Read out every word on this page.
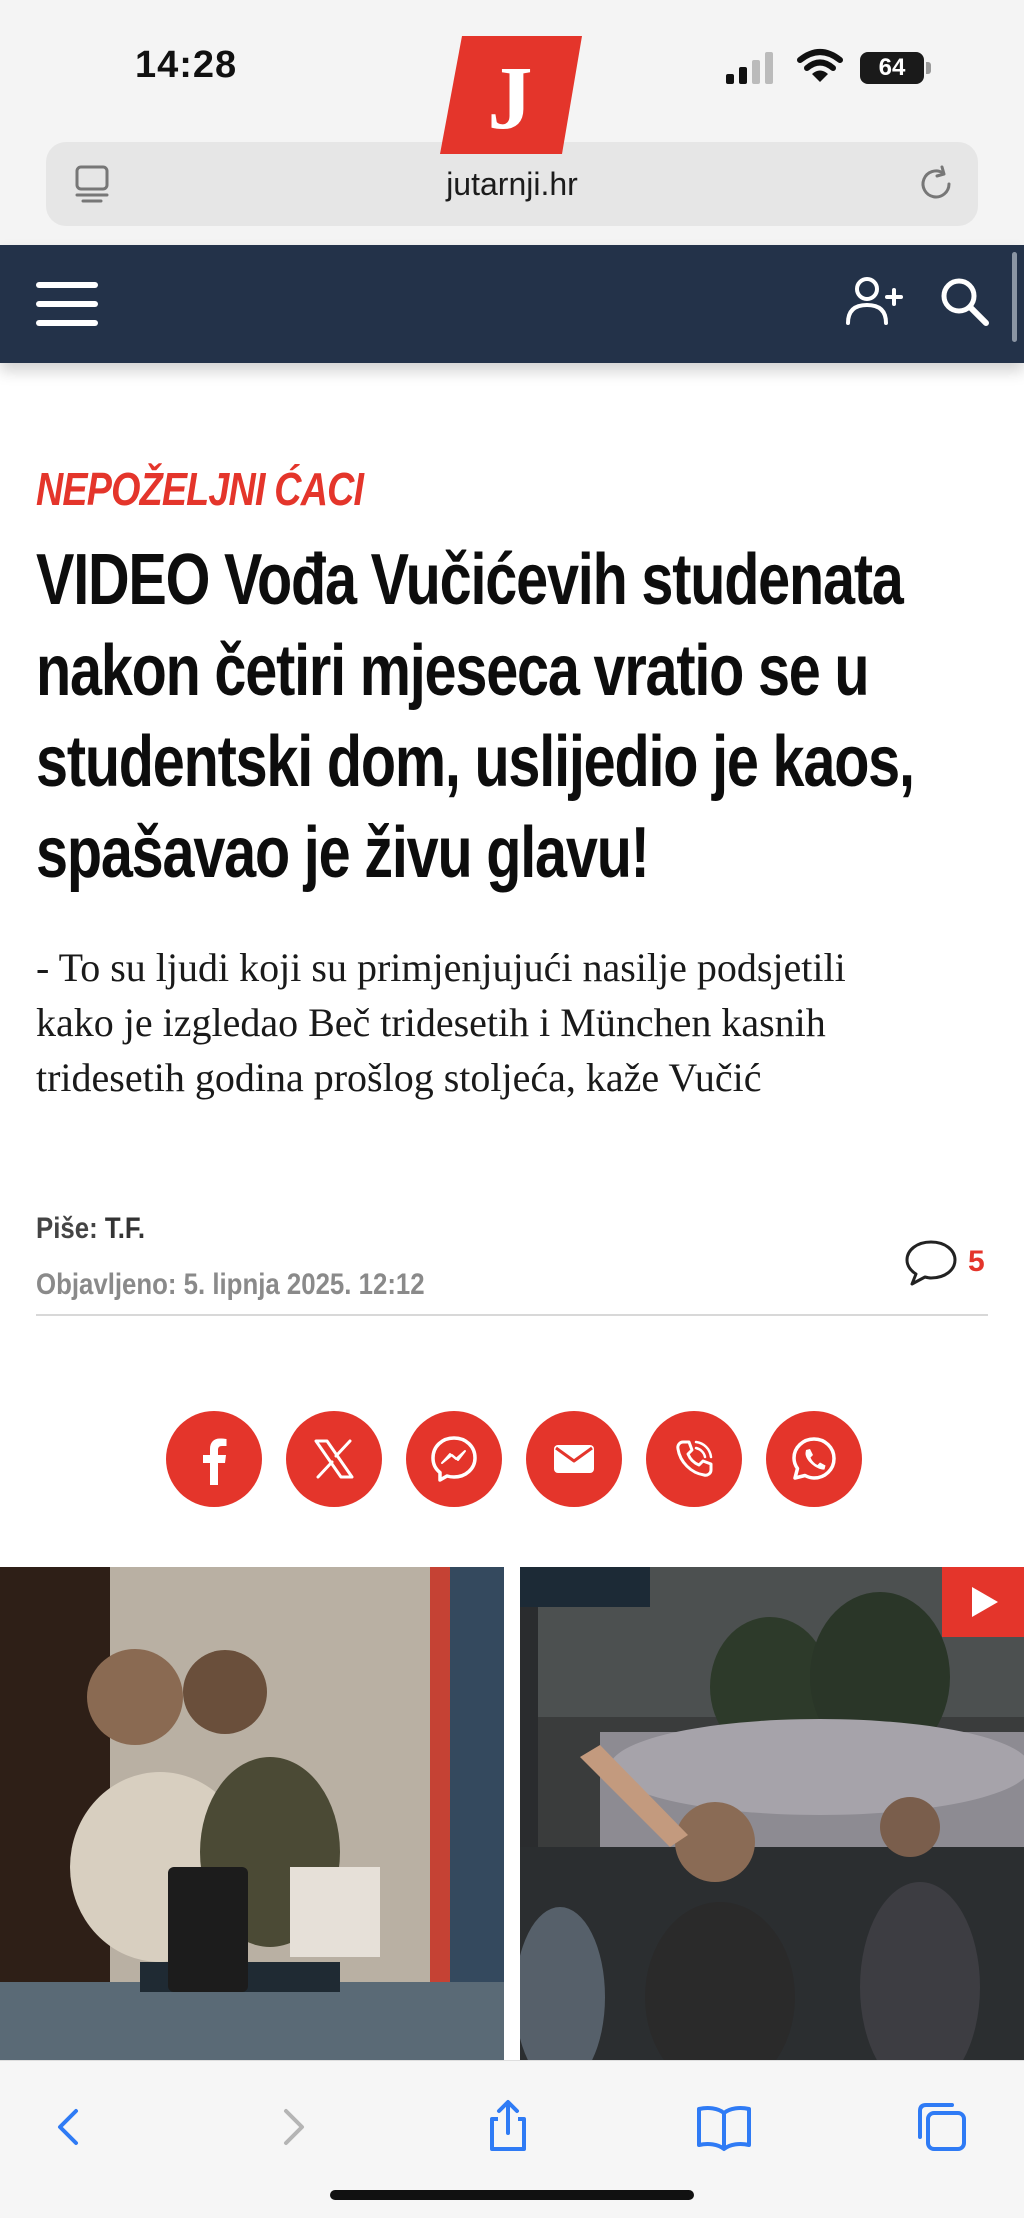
14:28	64
jutarnji.hr
J
NEPOŽELJNI ĆACI
VIDEO Vođa Vučićevih studenata nakon četiri mjeseca vratio se u studentski dom, uslijedio je kaos, spašavao je živu glavu!

- To su ljudi koji su primjenjujući nasilje podsjetili kako je izgledao Beč tridesetih i München kasnih tridesetih godina prošlog stoljeća, kaže Vučić

Piše: T.F.
Objavljeno: 5. lipnja 2025. 12:12
5
